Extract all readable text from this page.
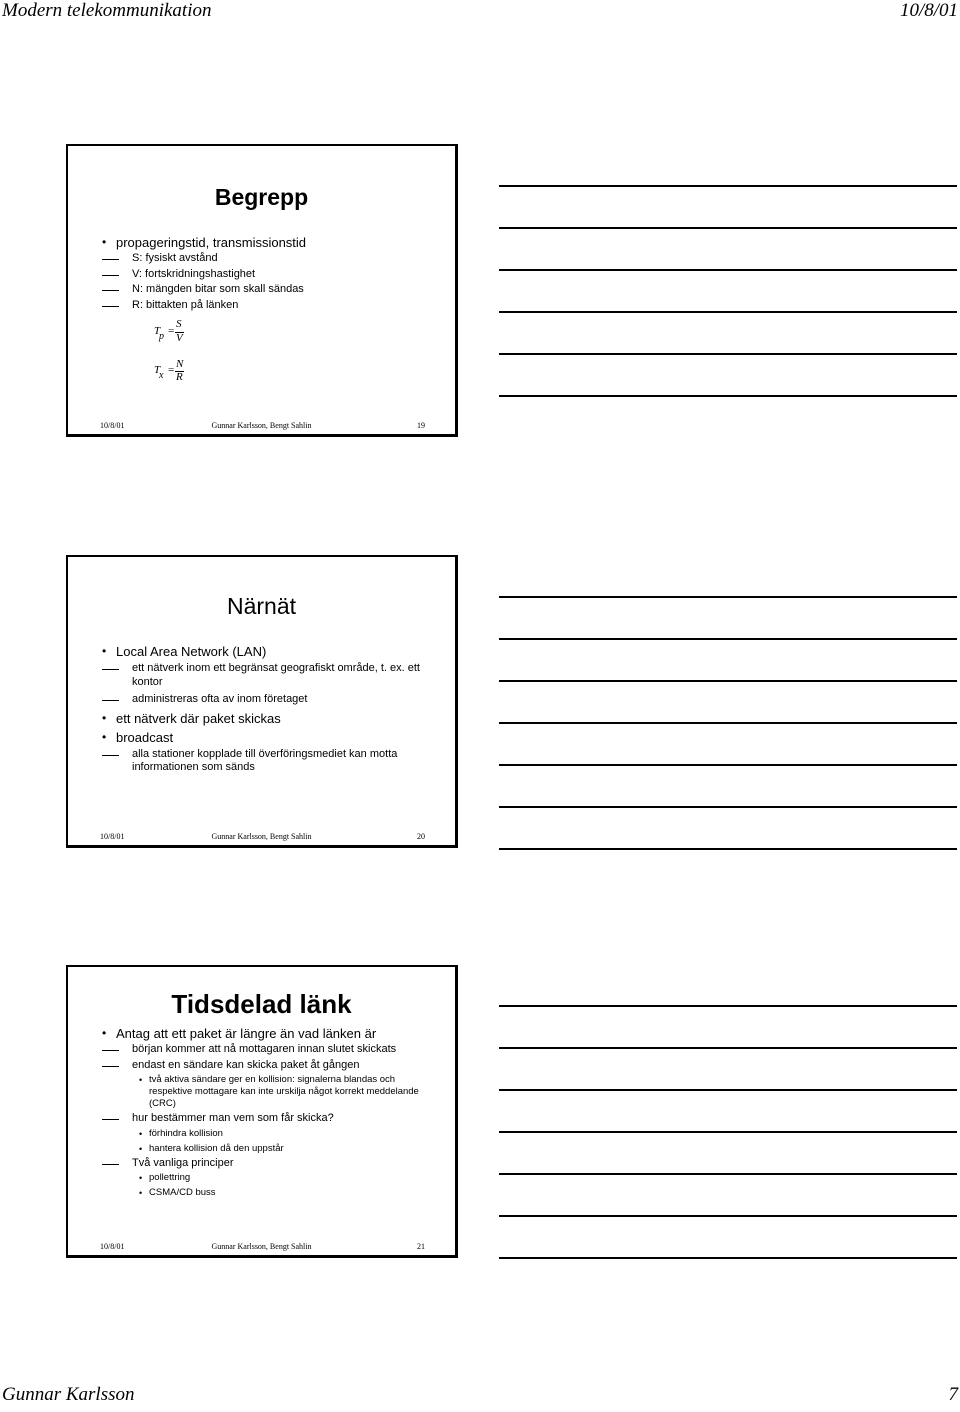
Modern telekommunikation	10/8/01
Begrepp

• propageringstid, transmissionstid

S: fysiskt avstånd

V: fortskridningshastighet

N: mängden bitar som skall sändas

R: bittakten på länken

T
p =
S
V
T
x = N
R
10/8/01	Gunnar Karlsson, Bengt Sahlin	19
Närnät

• Local Area Network (LAN)

ett nätverk inom ett begränsat geografiskt område, t. ex. ett kontor

administreras ofta av inom företaget

• ett nätverk där paket skickas

• broadcast

alla stationer kopplade till överföringsmediet kan motta informationen som sänds

10/8/01	Gunnar Karlsson, Bengt Sahlin	20
Tidsdelad länk

• Antag att ett paket är längre än vad länken är

början kommer att nå mottagaren innan slutet skickats

endast en sändare kan skicka paket åt gången

• två aktiva sändare ger en kollision: signalerna blandas och respektive mottagare kan inte urskilja något korrekt meddelande (CRC)

hur bestämmer man vem som får skicka?

• förhindra kollision

• hantera kollision då den uppstår

Två vanliga principer

• pollettring

• CSMA/CD buss

10/8/01	Gunnar Karlsson, Bengt Sahlin	21
Gunnar Karlsson	7
